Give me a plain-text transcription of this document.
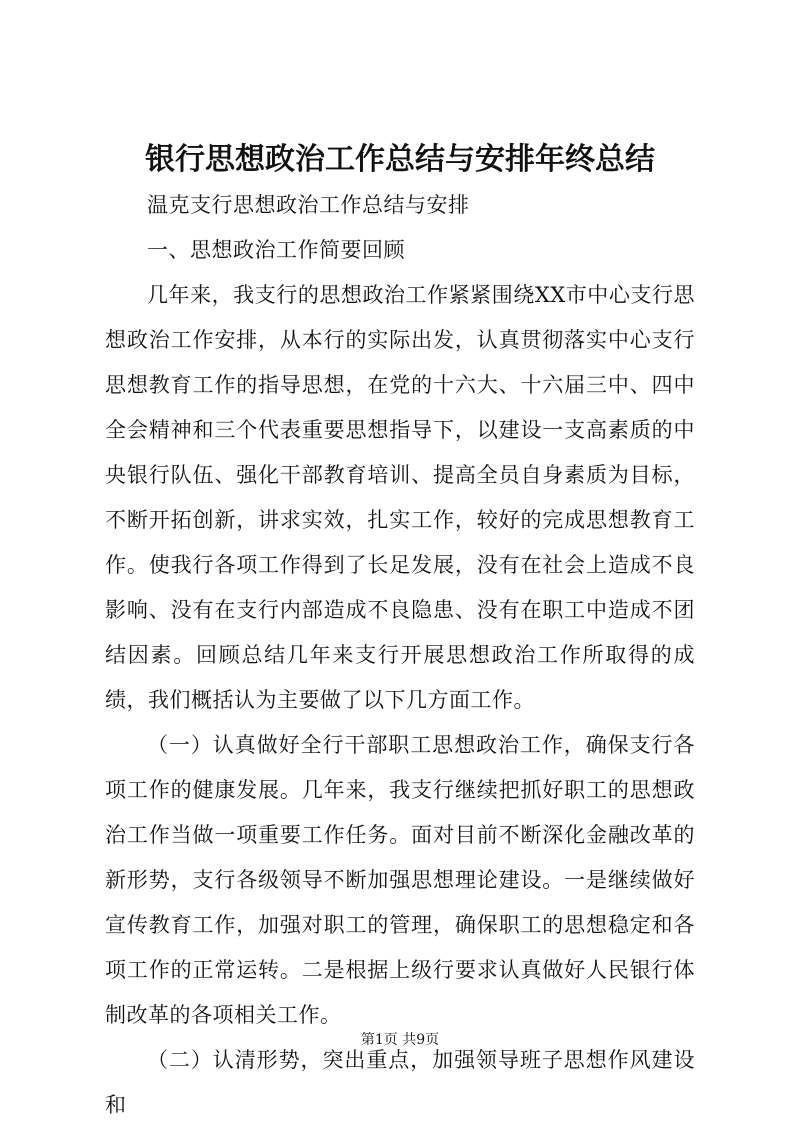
银行思想政治工作总结与安排年终总结

温克支行思想政治工作总结与安排

一、思想政治工作简要回顾

几年来，我支行的思想政治工作紧紧围绕XX市中心支行思想政治工作安排，从本行的实际出发，认真贯彻落实中心支行思想教育工作的指导思想，在党的十六大、十六届三中、四中全会精神和三个代表重要思想指导下，以建设一支高素质的中央银行队伍、强化干部教育培训、提高全员自身素质为目标，不断开拓创新，讲求实效，扎实工作，较好的完成思想教育工作。使我行各项工作得到了长足发展，没有在社会上造成不良影响、没有在支行内部造成不良隐患、没有在职工中造成不团结因素。回顾总结几年来支行开展思想政治工作所取得的成绩，我们概括认为主要做了以下几方面工作。

（一）认真做好全行干部职工思想政治工作，确保支行各项工作的健康发展。几年来，我支行继续把抓好职工的思想政治工作当做一项重要工作任务。面对目前不断深化金融改革的新形势，支行各级领导不断加强思想理论建设。一是继续做好宣传教育工作，加强对职工的管理，确保职工的思想稳定和各项工作的正常运转。二是根据上级行要求认真做好人民银行体制改革的各项相关工作。

（二）认清形势，突出重点，加强领导班子思想作风建设和

第1页 共9页
